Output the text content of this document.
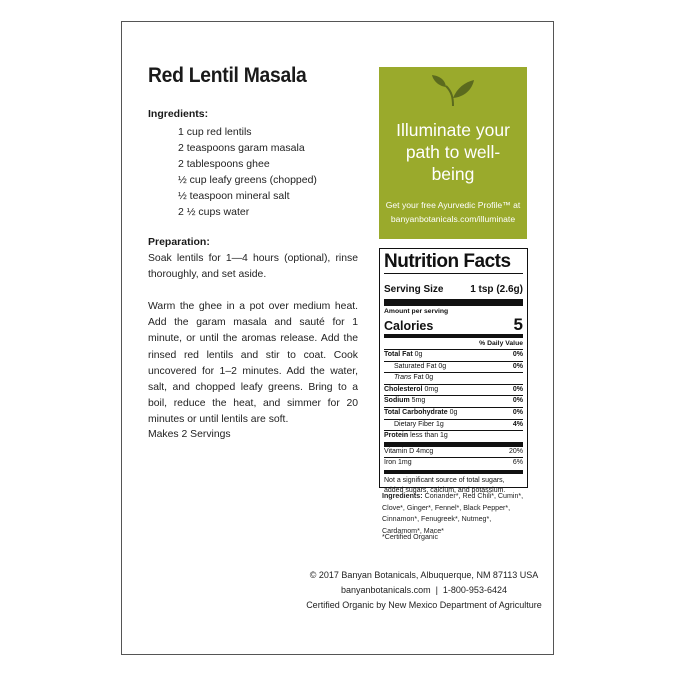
Red Lentil Masala
Ingredients:
1 cup red lentils
2 teaspoons garam masala
2 tablespoons ghee
½ cup leafy greens (chopped)
½ teaspoon mineral salt
2 ½ cups water
Preparation:
Soak lentils for 1—4 hours (optional), rinse thoroughly, and set aside.
Warm the ghee in a pot over medium heat. Add the garam masala and sauté for 1 minute, or until the aromas release. Add the rinsed red lentils and stir to coat. Cook uncovered for 1–2 minutes. Add the water, salt, and chopped leafy greens. Bring to a boil, reduce the heat, and simmer for 20 minutes or until lentils are soft.
Makes 2 Servings
Illuminate your path to well-being
Get your free Ayurvedic Profile™ at banyanbotanicals.com/illuminate
Nutrition Facts
Serving Size	1 tsp (2.6g)
Amount per serving
Calories	5
% Daily Value
Total Fat 0g	0%
Saturated Fat 0g	0%
Trans Fat 0g
Cholesterol 0mg	0%
Sodium 5mg	0%
Total Carbohydrate 0g	0%
Dietary Fiber 1g	4%
Protein less than 1g
Vitamin D 4mcg	20%
Iron 1mg	6%
Not a significant source of total sugars, added sugars, calcium, and potassium.
Ingredients: Coriander*, Red Chili*, Cumin*, Clove*, Ginger*, Fennel*, Black Pepper*, Cinnamon*, Fenugreek*, Nutmeg*, Cardamom*, Mace*
*Certified Organic
© 2017 Banyan Botanicals, Albuquerque, NM 87113 USA
banyanbotanicals.com  |  1-800-953-6424
Certified Organic by New Mexico Department of Agriculture
